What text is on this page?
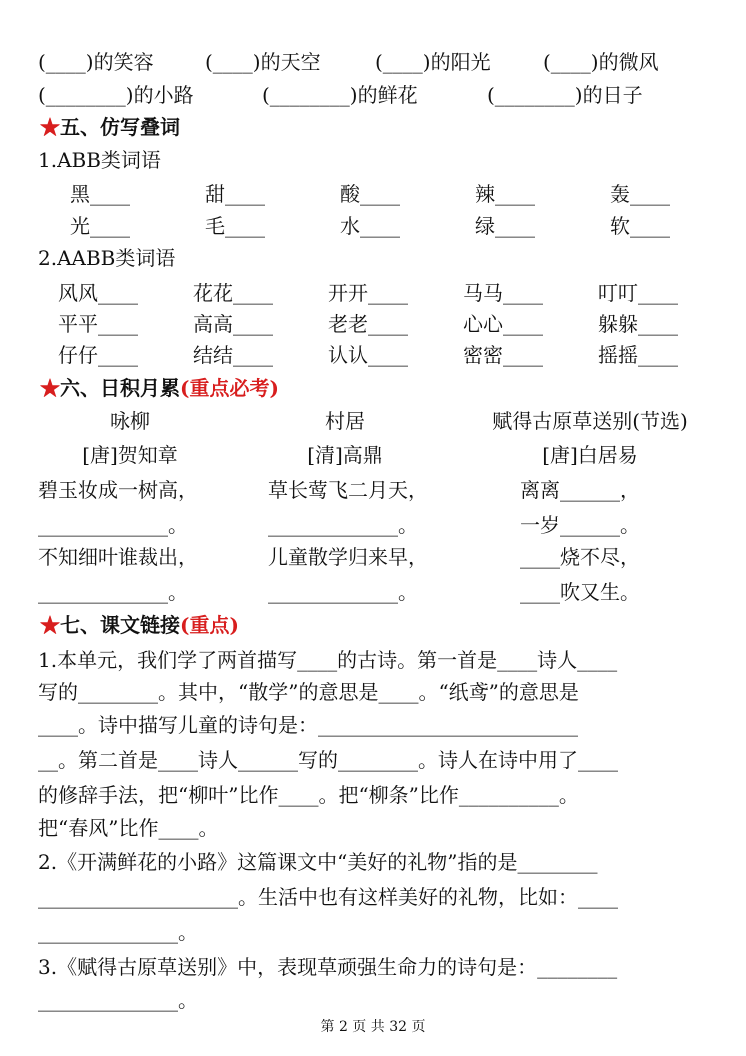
(____)的笑容	(____)的天空	(____)的阳光	(____)的微风
(________)的小路	(________)的鲜花	(________)的日子
★五、仿写叠词
1.ABB类词语
黑____	甜____	酸____	辣____	轰____
光____	毛____	水____	绿____	软____
2.AABB类词语
风风____	花花____	开开____	马马____	叮叮____
平平____	高高____	老老____	心心____	躲躲____
仔仔____	结结____	认认____	密密____	摇摇____
★六、日积月累(重点必考)
咏柳
[唐]贺知章
碧玉妆成一树高，
_____________。
不知细叶谁裁出，
_____________。
村居
[清]高鼎
草长莺飞二月天，
_____________。
儿童散学归来早，
_____________。
赋得古原草送别(节选)
[唐]白居易
离离______，
一岁______。
____烧不尽，
____吹又生。
★七、课文链接(重点)
1.本单元，我们学了两首描写____的古诗。第一首是____诗人____
写的________。其中，“散学”的意思是____。“纸鸢”的意思是
____。诗中描写儿童的诗句是：__________________________
__。第二首是____诗人______写的________。诗人在诗中用了____
的修辞手法，把“柳叶”比作____。把“柳条”比作__________。
把“春风”比作____。
2.《开满鲜花的小路》这篇课文中“美好的礼物”指的是________
____________________。生活中也有这样美好的礼物，比如：____
______________。
3.《赋得古原草送别》中，表现草顽强生命力的诗句是：________
______________。
第 2 页 共 32 页
